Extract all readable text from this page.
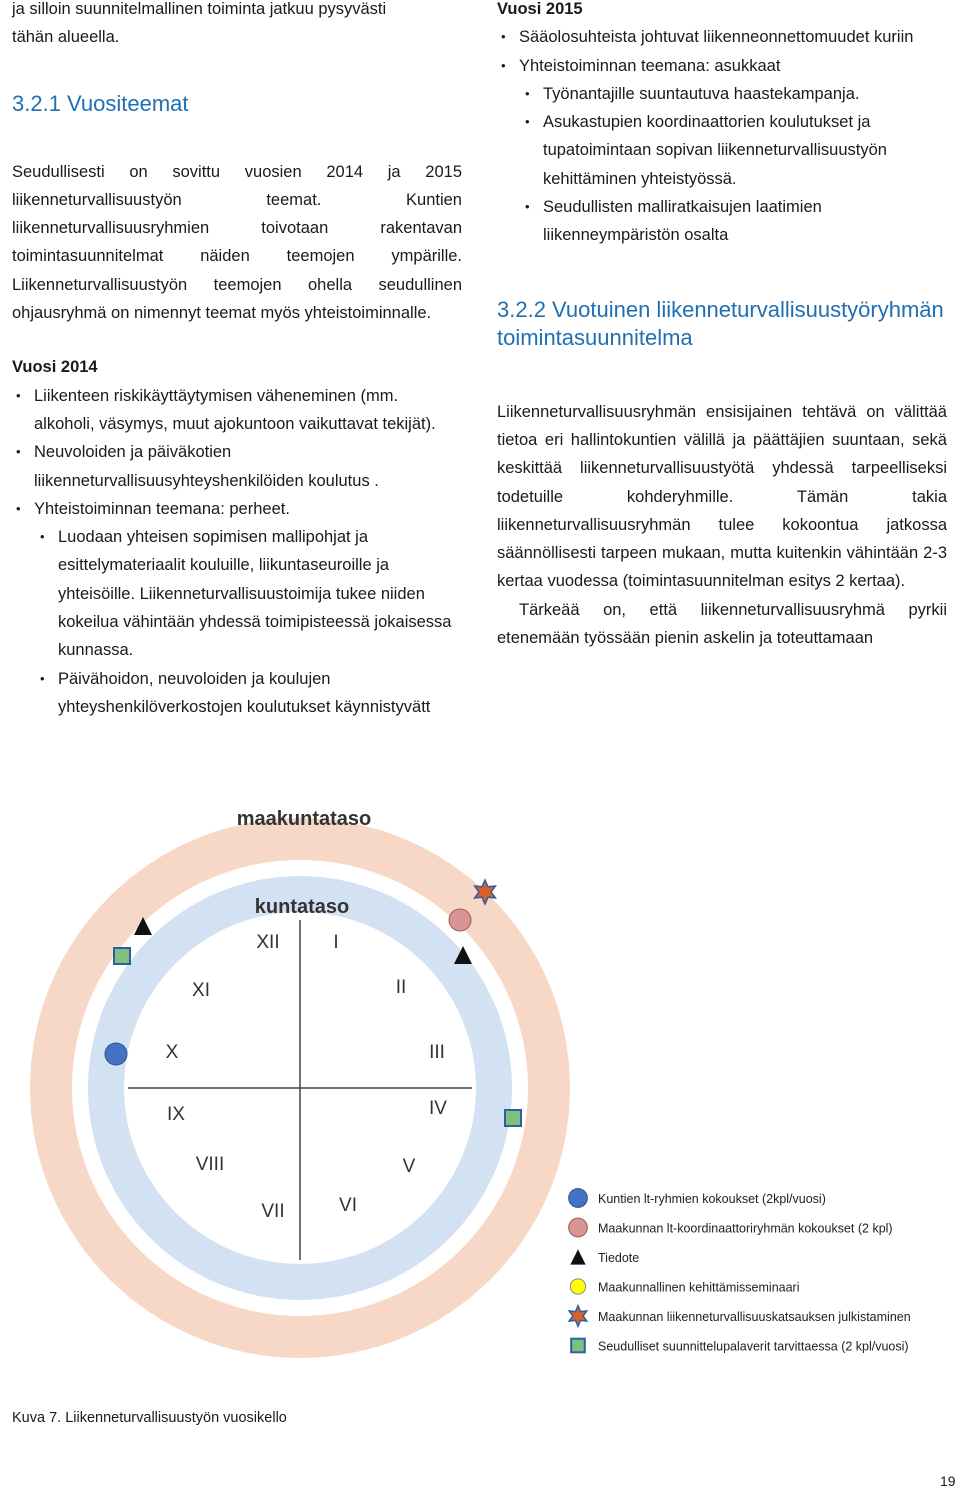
ja silloin suunnitelmallinen toiminta jatkuu pysyvästi
tähän alueella.
3.2.1 Vuositeemat
Seudullisesti on sovittu vuosien 2014 ja 2015 liikenneturvallisuustyön teemat. Kuntien liikenneturvallisuusryhmien toivotaan rakentavan toimintasuunnitelmat näiden teemojen ympärille. Liikenneturvallisuustyön teemojen ohella seudullinen ohjausryhmä on nimennyt teemat myös yhteistoiminnalle.
Vuosi 2014
• Liikenteen riskikäyttäytymisen väheneminen (mm. alkoholi, väsymys, muut ajokuntoon vaikuttavat tekijät).
• Neuvoloiden ja päiväkotien liikenneturvallisuusyhteyshenkilöiden koulutus .
• Yhteistoiminnan teemana: perheet.
• Luodaan yhteisen sopimisen mallipohjat ja esittelymateriaalit kouluille, liikuntaseuroille ja yhteisöille. Liikenneturvallisuustoimija tukee niiden kokeilua vähintään yhdessä toimipisteessä jokaisessa kunnassa.
• Päivähoidon, neuvoloiden ja koulujen yhteyshenkilöverkostojen koulutukset käynnistyvätt
Vuosi 2015
• Sääolosuhteista johtuvat liikenneonnettomuudet kuriin
• Yhteistoiminnan teemana: asukkaat
• Työnantajille suuntautuva haastekampanja.
• Asukastupien koordinaattorien koulutukset ja tupatoimintaan sopivan liikenneturvallisuustyön kehittäminen yhteistyössä.
• Seudullisten malliratkaisujen laatimien liikenneympäristön osalta
3.2.2 Vuotuinen liikenneturvallisuustyöryhmän toimintasuunnitelma
Liikenneturvallisuusryhmän ensisijainen tehtävä on välittää tietoa eri hallintokuntien välillä ja päättäjien suuntaan, sekä keskittää liikenneturvallisuustyötä yhdessä tarpeelliseksi todetuille kohderyhmille. Tämän takia liikenneturvallisuusryhmän tulee kokoontua jatkossa säännöllisesti tarpeen mukaan, mutta kuitenkin vähintään 2-3 kertaa vuodessa (toimintasuunnitelman esitys 2 kertaa).
Tärkeää on, että liikenneturvallisuusryhmä pyrkii etenemään työssään pienin askelin ja toteuttamaan
maakuntataso
kuntataso
XII	I
II
III
IV
V
VI
VII
VIII
IX
X
XI
Kuntien lt-ryhmien kokoukset (2kpl/vuosi)
Maakunnan lt-koordinaattoriryhmän kokoukset (2 kpl)
Tiedote
Maakunnallinen kehittämisseminaari
Maakunnan liikenneturvallisuuskatsauksen julkistaminen
Seudulliset suunnittelupalaverit tarvittaessa (2 kpl/vuosi)
Kuva 7. Liikenneturvallisuustyön vuosikello
19
